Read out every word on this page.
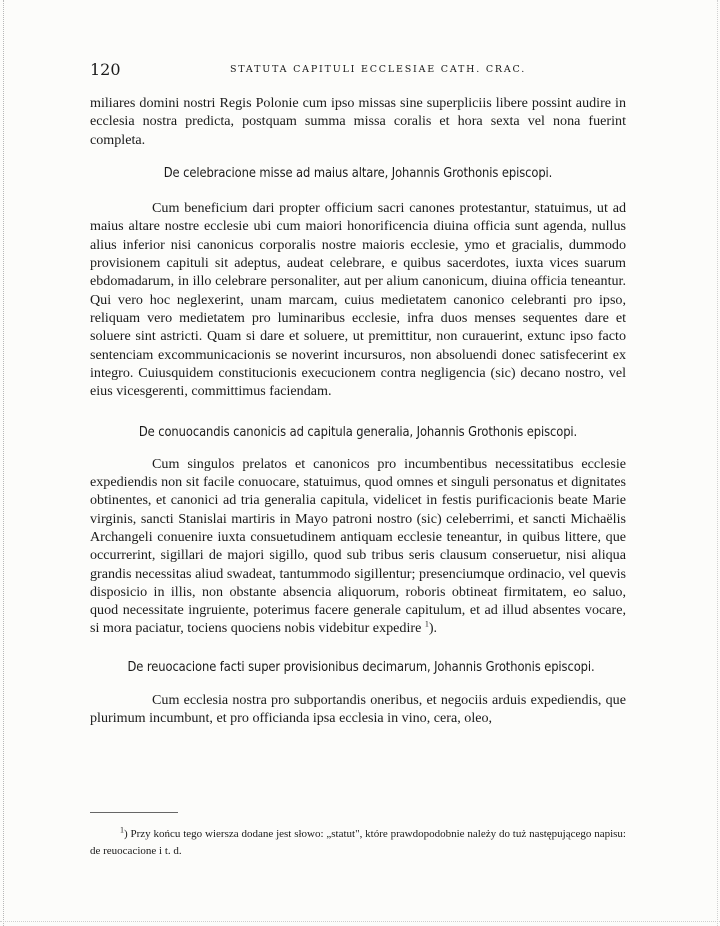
120	STATUTA CAPITULI ECCLESIAE CATH. CRAC.

miliares domini nostri Regis Polonie cum ipso missas sine superpliciis libere possint audire in ecclesia nostra predicta, postquam summa missa coralis et hora sexta vel nona fuerint completa.

De celebracione misse ad maius altare, Johannis Grothonis episcopi.

Cum beneficium dari propter officium sacri canones protestantur, statuimus, ut ad maius altare nostre ecclesie ubi cum maiori honorificencia diuina officia sunt agenda, nullus alius inferior nisi canonicus corporalis nostre maioris ecclesie, ymo et gracialis, dummodo provisionem capituli sit adeptus, audeat celebrare, e quibus sacerdotes, iuxta vices suarum ebdomadarum, in illo celebrare personaliter, aut per alium canonicum, diuina officia teneantur. Qui vero hoc neglexerint, unam marcam, cuius medietatem canonico celebranti pro ipso, reliquam vero medietatem pro luminaribus ecclesie, infra duos menses sequentes dare et soluere sint astricti. Quam si dare et soluere, ut premittitur, non curauerint, extunc ipso facto sentenciam excommunicacionis se noverint incursuros, non absoluendi donec satisfecerint ex integro. Cuiusquidem constitucionis execucionem contra negligencia (sic) decano nostro, vel eius vicesgerenti, committimus faciendam.

De conuocandis canonicis ad capitula generalia, Johannis Grothonis episcopi.

Cum singulos prelatos et canonicos pro incumbentibus necessitatibus ecclesie expediendis non sit facile conuocare, statuimus, quod omnes et singuli personatus et dignitates obtinentes, et canonici ad tria generalia capitula, videlicet in festis purificacionis beate Marie virginis, sancti Stanislai martiris in Mayo patroni nostro (sic) celeberrimi, et sancti Michaëlis Archangeli conuenire iuxta consuetudinem antiquam ecclesie teneantur, in quibus littere, que occurrerint, sigillari de majori sigillo, quod sub tribus seris clausum conseruetur, nisi aliqua grandis necessitas aliud swadeat, tantummodo sigillentur; presenciumque ordinacio, vel quevis disposicio in illis, non obstante absencia aliquorum, roboris obtineat firmitatem, eo saluo, quod necessitate ingruiente, poterimus facere generale capitulum, et ad illud absentes vocare, si mora paciatur, tociens quociens nobis videbitur expedire $^1$).

De reuocacione facti super provisionibus decimarum, Johannis Grothonis episcopi.

Cum ecclesia nostra pro subportandis oneribus, et negociis arduis expediendis, que plurimum incumbunt, et pro officianda ipsa ecclesia in vino, cera, oleo,

$^1$) Przy końcu tego wiersza dodane jest słowo: „statut", które prawdopodobnie należy do tuż następującego napisu: de reuocacione i t. d.
